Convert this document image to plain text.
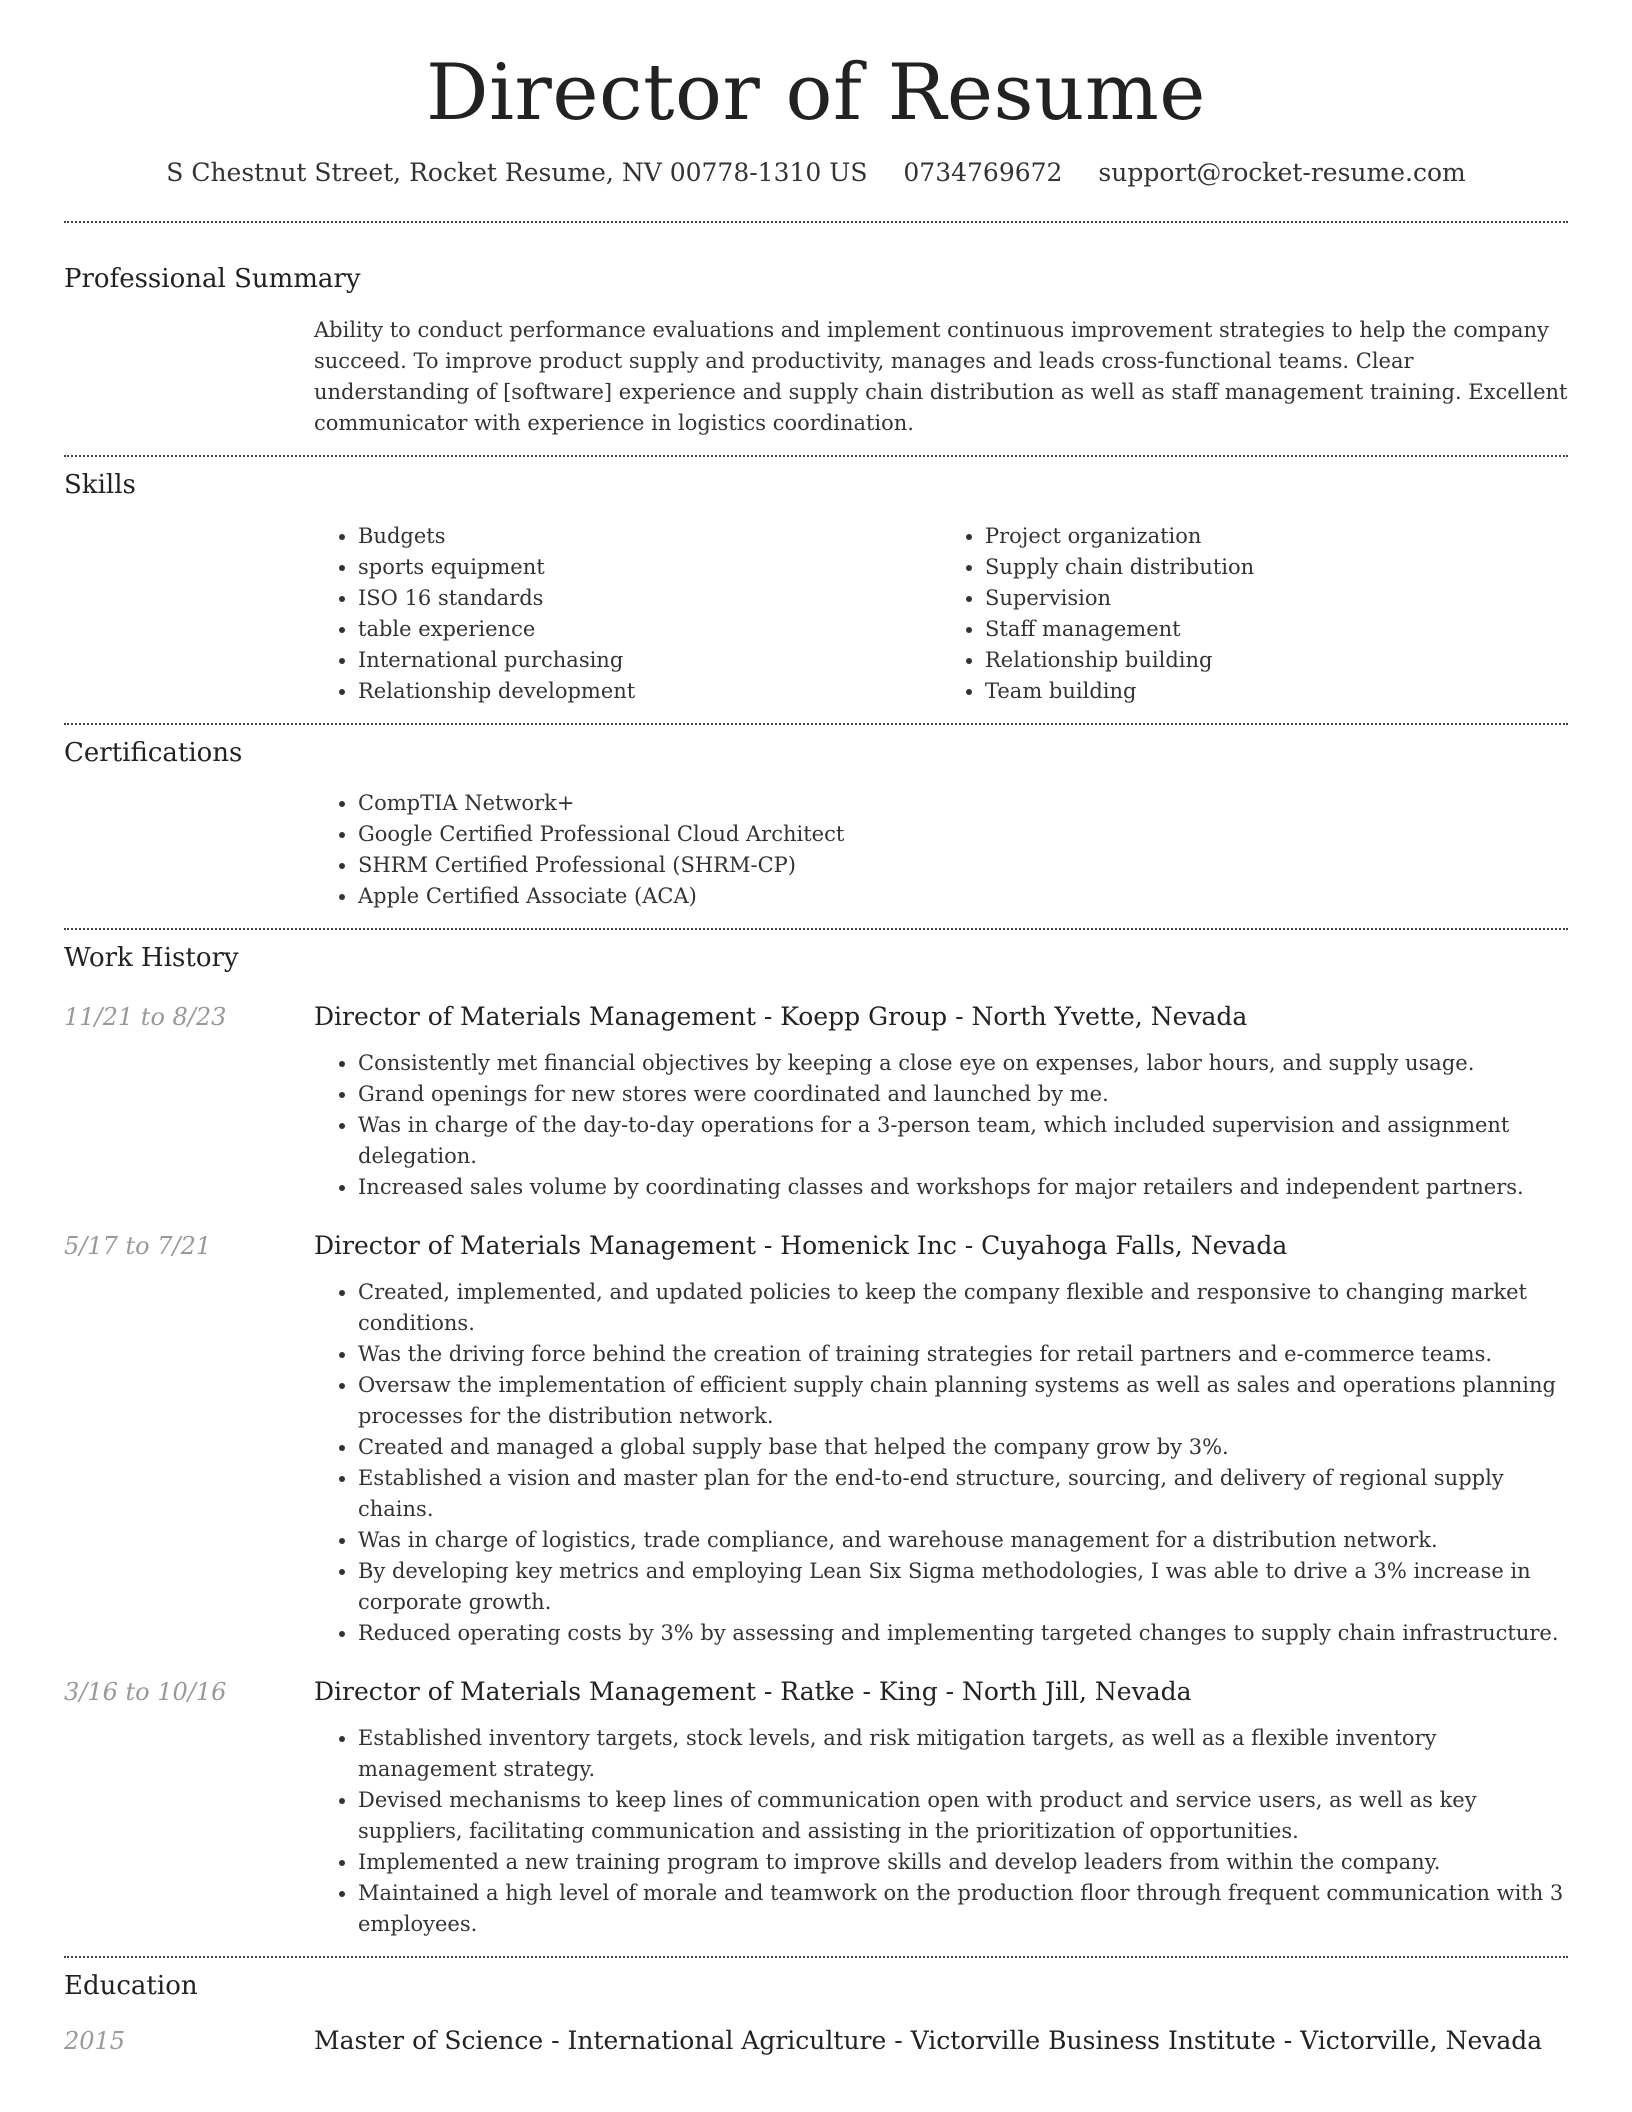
Director of Resume
S Chestnut Street, Rocket Resume, NV 00778-1310 US 0734769672 support@rocket-resume.com
Professional Summary
Ability to conduct performance evaluations and implement continuous improvement strategies to help the company succeed. To improve product supply and productivity, manages and leads cross-functional teams. Clear understanding of [software] experience and supply chain distribution as well as staff management training. Excellent communicator with experience in logistics coordination.
Skills
• Budgets
• sports equipment
• ISO 16 standards
• table experience
• International purchasing
• Relationship development
• Project organization
• Supply chain distribution
• Supervision
• Staff management
• Relationship building
• Team building
Certifications
• CompTIA Network+
• Google Certified Professional Cloud Architect
• SHRM Certified Professional (SHRM-CP)
• Apple Certified Associate (ACA)
Work History
11/21 to 8/23	Director of Materials Management - Koepp Group - North Yvette, Nevada
• Consistently met financial objectives by keeping a close eye on expenses, labor hours, and supply usage.
• Grand openings for new stores were coordinated and launched by me.
• Was in charge of the day-to-day operations for a 3-person team, which included supervision and assignment delegation.
• Increased sales volume by coordinating classes and workshops for major retailers and independent partners.
5/17 to 7/21	Director of Materials Management - Homenick Inc - Cuyahoga Falls, Nevada
• Created, implemented, and updated policies to keep the company flexible and responsive to changing market conditions.
• Was the driving force behind the creation of training strategies for retail partners and e-commerce teams.
• Oversaw the implementation of efficient supply chain planning systems as well as sales and operations planning processes for the distribution network.
• Created and managed a global supply base that helped the company grow by 3%.
• Established a vision and master plan for the end-to-end structure, sourcing, and delivery of regional supply chains.
• Was in charge of logistics, trade compliance, and warehouse management for a distribution network.
• By developing key metrics and employing Lean Six Sigma methodologies, I was able to drive a 3% increase in corporate growth.
• Reduced operating costs by 3% by assessing and implementing targeted changes to supply chain infrastructure.
3/16 to 10/16	Director of Materials Management - Ratke - King - North Jill, Nevada
• Established inventory targets, stock levels, and risk mitigation targets, as well as a flexible inventory management strategy.
• Devised mechanisms to keep lines of communication open with product and service users, as well as key suppliers, facilitating communication and assisting in the prioritization of opportunities.
• Implemented a new training program to improve skills and develop leaders from within the company.
• Maintained a high level of morale and teamwork on the production floor through frequent communication with 3 employees.
Education
2015	Master of Science - International Agriculture - Victorville Business Institute - Victorville, Nevada
